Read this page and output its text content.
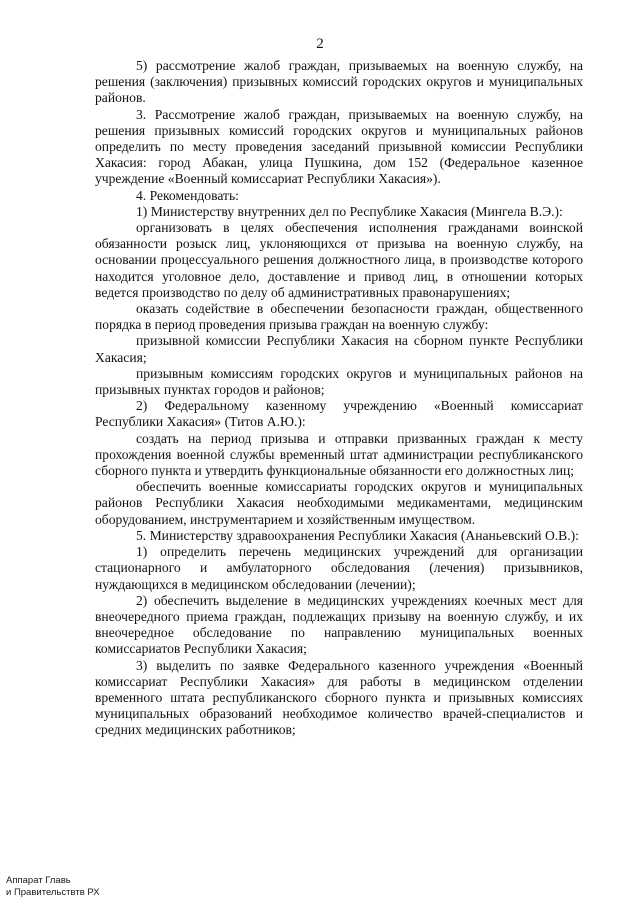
2

5) рассмотрение жалоб граждан, призываемых на военную службу, на решения (заключения) призывных комиссий городских округов и муниципальных районов.

3. Рассмотрение жалоб граждан, призываемых на военную службу, на решения призывных комиссий городских округов и муниципальных районов определить по месту проведения заседаний призывной комиссии Республики Хакасия: город Абакан, улица Пушкина, дом 152 (Федеральное казенное учреждение «Военный комиссариат Республики Хакасия»).

4. Рекомендовать:

1) Министерству внутренних дел по Республике Хакасия (Мингела В.Э.):

организовать в целях обеспечения исполнения гражданами воинской обязанности розыск лиц, уклоняющихся от призыва на военную службу, на основании процессуального решения должностного лица, в производстве которого находится уголовное дело, доставление и привод лиц, в отношении которых ведется производство по делу об административных правонарушениях;

оказать содействие в обеспечении безопасности граждан, общественного порядка в период проведения призыва граждан на военную службу:

призывной комиссии Республики Хакасия на сборном пункте Республики Хакасия;

призывным комиссиям городских округов и муниципальных районов на призывных пунктах городов и районов;

2) Федеральному казенному учреждению «Военный комиссариат Республики Хакасия» (Титов А.Ю.):

создать на период призыва и отправки призванных граждан к месту прохождения военной службы временный штат администрации республиканского сборного пункта и утвердить функциональные обязанности его должностных лиц;

обеспечить военные комиссариаты городских округов и муниципальных районов Республики Хакасия необходимыми медикаментами, медицинским оборудованием, инструментарием и хозяйственным имуществом.

5. Министерству здравоохранения Республики Хакасия (Ананьевский О.В.):

1) определить перечень медицинских учреждений для организации стационарного и амбулаторного обследования (лечения) призывников, нуждающихся в медицинском обследовании (лечении);

2) обеспечить выделение в медицинских учреждениях коечных мест для внеочередного приема граждан, подлежащих призыву на военную службу, и их внеочередное обследование по направлению муниципальных военных комиссариатов Республики Хакасия;

3) выделить по заявке Федерального казенного учреждения «Военный комиссариат Республики Хакасия» для работы в медицинском отделении временного штата республиканского сборного пункта и призывных комиссиях муниципальных образований необходимое количество врачей-специалистов и средних медицинских работников;

Аппарат Главь
и Правительствтв РХ
